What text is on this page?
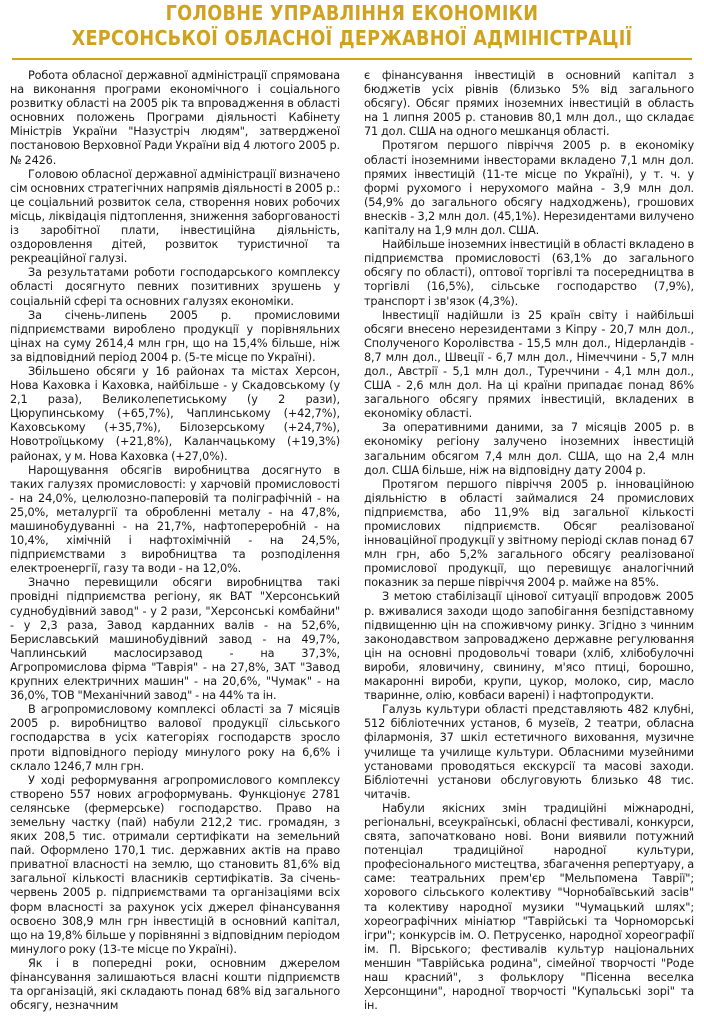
ГОЛОВНЕ УПРАВЛІННЯ ЕКОНОМІКИ
ХЕРСОНСЬКОЇ ОБЛАСНОЇ ДЕРЖАВНОЇ АДМІНІСТРАЦІЇ

Робота обласної державної адміністрації спрямована на виконання програми економічного і соціального розвитку області на 2005 рік та впровадження в області основних положень Програми діяльності Кабінету Міністрів України "Назустріч людям", затвердженої постановою Верховної Ради України від 4 лютого 2005 р. № 2426.

Головою обласної державної адміністрації визначено сім основних стратегічних напрямів діяльності в 2005 р.: це соціальний розвиток села, створення нових робочих місць, ліквідація підтоплення, зниження заборгованості із заробітної плати, інвестиційна діяльність, оздоровлення дітей, розвиток туристичної та рекреаційної галузі.

За результатами роботи господарського комплексу області досягнуто певних позитивних зрушень у соціальній сфері та основних галузях економіки.

За січень-липень 2005 р. промисловими підприємствами вироблено продукції у порівняльних цінах на суму 2614,4 млн грн, що на 15,4% більше, ніж за відповідний період 2004 р. (5-те місце по Україні).

Збільшено обсяги у 16 районах та містах Херсон, Нова Каховка і Каховка, найбільше - у Скадовському (у 2,1 раза), Великолепетиському (у 2 рази), Цюрупинському (+65,7%), Чаплинському (+42,7%), Каховському (+35,7%), Білозерському (+24,7%), Новотроїцькому (+21,8%), Каланчацькому (+19,3%) районах, у м. Нова Каховка (+27,0%).

Нарощування обсягів виробництва досягнуто в таких галузях промисловості: у харчовій промисловості - на 24,0%, целюлозно-паперовій та поліграфічній - на 25,0%, металургії та обробленнi металу - на 47,8%, машинобудуванні - на 21,7%, нафтопереробній - на 10,4%, хімічній і нафтохімічній - на 24,5%, підприємствами з виробництва та розподілення електроенергії, газу та води - на 12,0%.

Значно перевищили обсяги виробництва такі провідні підприємства регіону, як ВАТ "Херсонський суднобудівний завод" - у 2 рази, "Херсонські комбайни" - у 2,3 раза, Завод карданних валів - на 52,6%, Бериславський машинобудівний завод - на 49,7%, Чаплинський маслосирзавод - на 37,3%, Агропромислова фірма "Таврія" - на 27,8%, ЗАТ "Завод крупних електричних машин" - на 20,6%, "Чумак" - на 36,0%, ТОВ "Механічний завод" - на 44% та ін.

В агропромисловому комплексі області за 7 місяців 2005 р. виробництво валової продукції сільського господарства в усіх категоріях господарств зросло проти відповідного періоду минулого року на 6,6% і склало 1246,7 млн грн.

У ході реформування агропромислового комплексу створено 557 нових агроформувань. Функціонує 2781 селянське (фермерське) господарство. Право на земельну частку (пай) набули 212,2 тис. громадян, з яких 208,5 тис. отримали сертифікати на земельний пай. Оформлено 170,1 тис. державних актів на право приватної власності на землю, що становить 81,6% від загальної кількості власників сертифікатів. За січень-червень 2005 р. підприємствами та організаціями всіх форм власності за рахунок усіх джерел фінансування освоєно 308,9 млн грн інвестицій в основний капітал, що на 19,8% більше у порівнянні з відповідним періодом минулого року (13-те місце по Україні).

Як і в попередні роки, основним джерелом фінансування залишаються власні кошти підприємств та організацій, які складають понад 68% від загального обсягу, незначним

є фінансування інвестицій в основний капітал з бюджетів усіх рівнів (близько 5% від загального обсягу). Обсяг прямих іноземних інвестицій в область на 1 липня 2005 р. становив 80,1 млн дол., що складає 71 дол. США на одного мешканця області.

Протягом першого півріччя 2005 р. в економіку області іноземними інвесторами вкладено 7,1 млн дол. прямих інвестицій (11-те місце по Україні), у т. ч. у формі рухомого і нерухомого майна - 3,9 млн дол. (54,9% до загального обсягу надходжень), грошових внесків - 3,2 млн дол. (45,1%). Нерезидентами вилучено капіталу на 1,9 млн дол. США.

Найбільше іноземних інвестицій в області вкладено в підприємства промисловості (63,1% до загального обсягу по області), оптової торгівлі та посередництва в торгівлі (16,5%), сільське господарство (7,9%), транспорт і зв'язок (4,3%).

Інвестиції надійшли із 25 країн світу і найбільші обсяги внесено нерезидентами з Кіпру - 20,7 млн дол., Сполученого Королівства - 15,5 млн дол., Нідерландів - 8,7 млн дол., Швеції - 6,7 млн дол., Німеччини - 5,7 млн дол., Австрії - 5,1 млн дол., Туреччини - 4,1 млн дол., США - 2,6 млн дол. На ці країни припадає понад 86% загального обсягу прямих інвестицій, вкладених в економіку області.

За оперативними даними, за 7 місяців 2005 р. в економіку регіону залучено іноземних інвестицій загальним обсягом 7,4 млн дол. США, що на 2,4 млн дол. США більше, ніж на відповідну дату 2004 р.

Протягом першого півріччя 2005 р. інноваційною діяльністю в області займалися 24 промислових підприємства, або 11,9% від загальної кількості промислових підприємств. Обсяг реалізованої інноваційної продукції у звітному періоді склав понад 67 млн грн, або 5,2% загального обсягу реалізованої промислової продукції, що перевищує аналогічний показник за перше півріччя 2004 р. майже на 85%.

З метою стабілізації цінової ситуації впродовж 2005 р. вживалися заходи щодо запобігання безпідставному підвищенню цін на споживчому ринку. Згідно з чинним законодавством запроваджено державне регулювання цін на основні продовольчі товари (хліб, хлібобулочні вироби, яловичину, свинину, м'ясо птиці, борошно, макаронні вироби, крупи, цукор, молоко, сир, масло тваринне, олію, ковбаси варені) і нафтопродукти.

Галузь культури області представляють 482 клубні, 512 бібліотечних установ, 6 музеїв, 2 театри, обласна філармонія, 37 шкіл естетичного виховання, музичне училище та училище культури. Обласними музейними установами проводяться екскурсії та масові заходи. Бібліотечні установи обслуговують близько 48 тис. читачів.

Набули якісних змін традиційні міжнародні, регіональні, всеукраїнські, обласні фестивалі, конкурси, свята, започатковано нові. Вони виявили потужний потенціал традиційної народної культури, професіонального мистецтва, збагачення репертуару, а саме: театральних прем'єр "Мельпомена Таврії"; хорового сільського колективу "Чорнобаївський засів" та колективу народної музики "Чумацький шлях"; хореографічних мініатюр "Таврійські та Чорноморські ігри"; конкурсів ім. О. Петрусенко, народної хореографії ім. П. Вірського; фестивалів культур національних меншин "Таврійська родина", сімейної творчості "Роде наш красний", з фольклору "Пісенна веселка Херсонщини", народної творчості "Купальські зорі" та ін.
